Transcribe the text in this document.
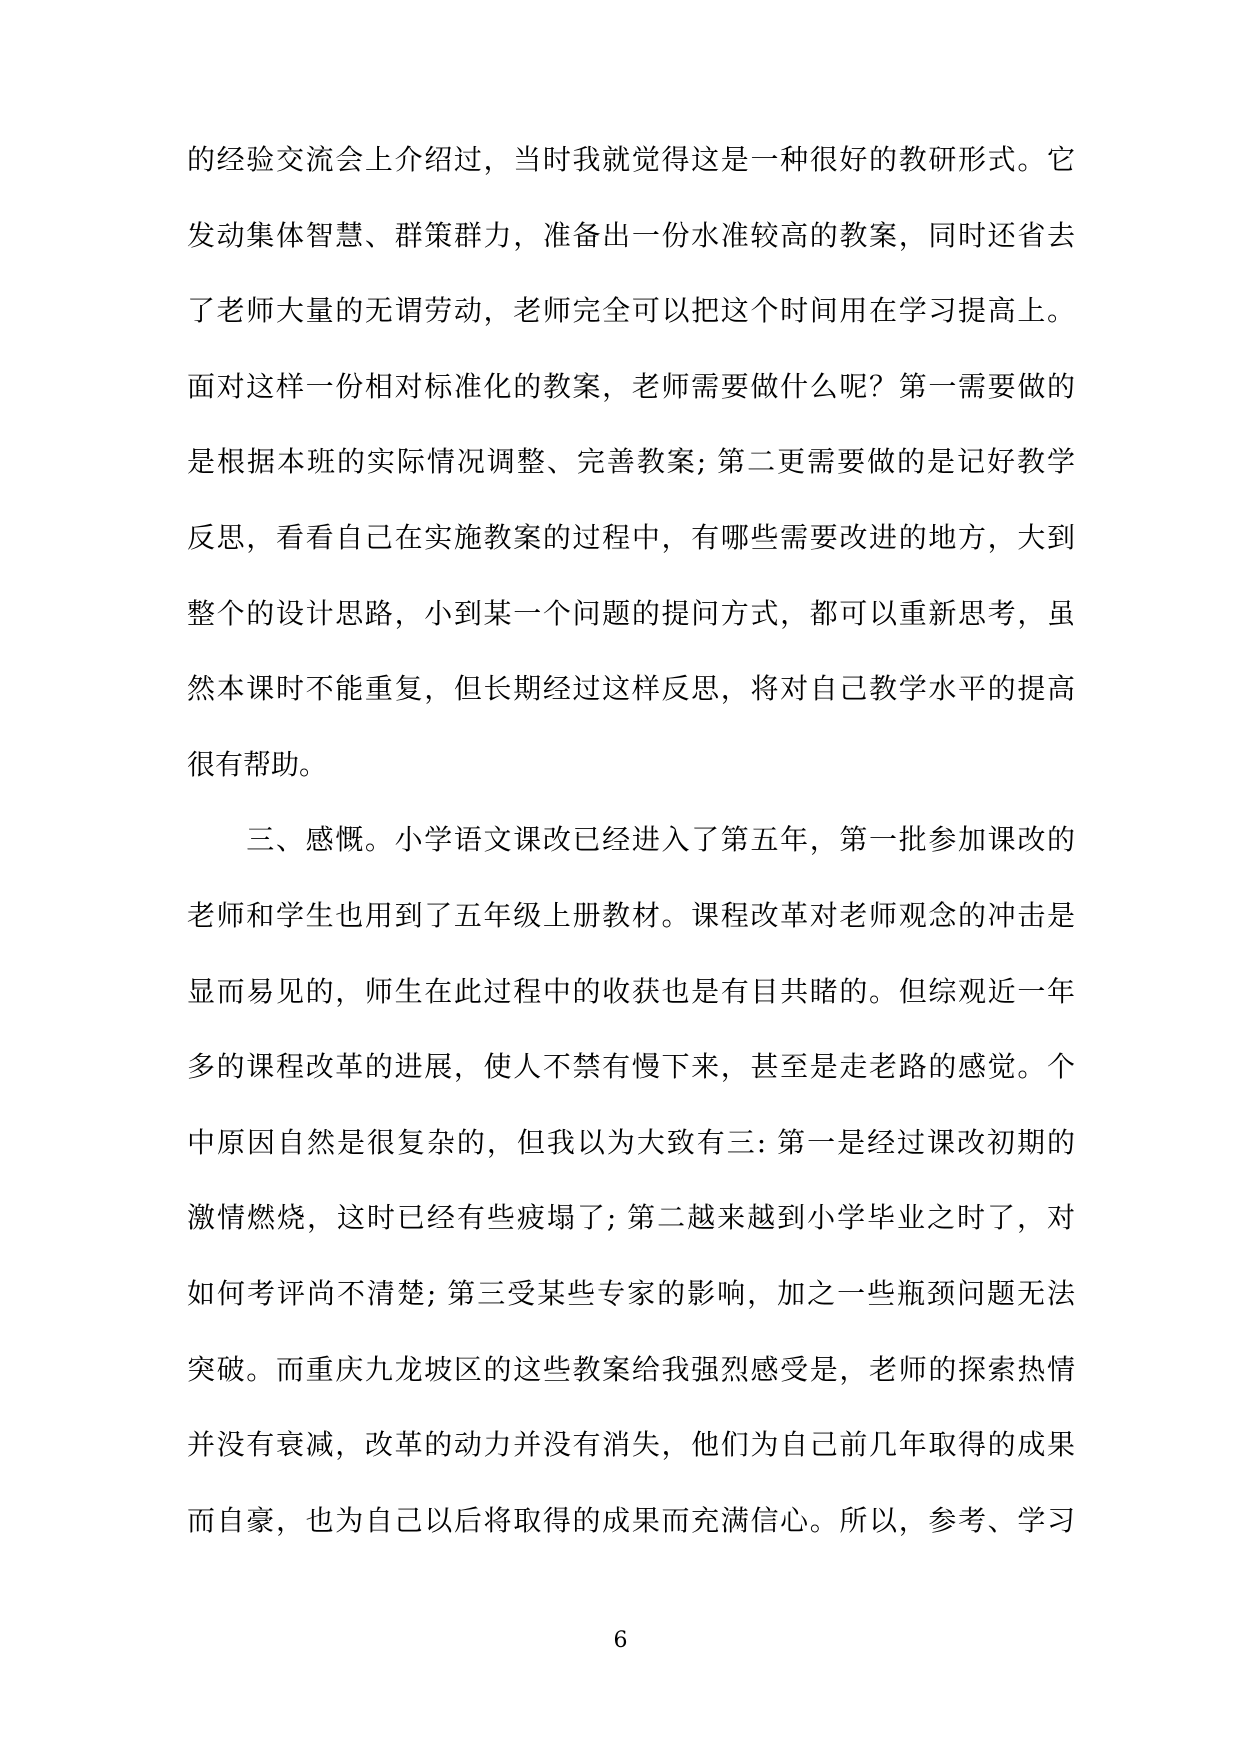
的经验交流会上介绍过，当时我就觉得这是一种很好的教研形式。它
发动集体智慧、群策群力，准备出一份水准较高的教案，同时还省去
了老师大量的无谓劳动，老师完全可以把这个时间用在学习提高上。
面对这样一份相对标准化的教案，老师需要做什么呢？第一需要做的
是根据本班的实际情况调整、完善教案; 第二更需要做的是记好教学
反思，看看自己在实施教案的过程中，有哪些需要改进的地方，大到
整个的设计思路，小到某一个问题的提问方式，都可以重新思考，虽
然本课时不能重复，但长期经过这样反思，将对自己教学水平的提高
很有帮助。
　　三、感慨。小学语文课改已经进入了第五年，第一批参加课改的
老师和学生也用到了五年级上册教材。课程改革对老师观念的冲击是
显而易见的，师生在此过程中的收获也是有目共睹的。但综观近一年
多的课程改革的进展，使人不禁有慢下来，甚至是走老路的感觉。个
中原因自然是很复杂的，但我以为大致有三: 第一是经过课改初期的
激情燃烧，这时已经有些疲塌了; 第二越来越到小学毕业之时了，对
如何考评尚不清楚; 第三受某些专家的影响，加之一些瓶颈问题无法
突破。而重庆九龙坡区的这些教案给我强烈感受是，老师的探索热情
并没有衰减，改革的动力并没有消失，他们为自己前几年取得的成果
而自豪，也为自己以后将取得的成果而充满信心。所以，参考、学习
6
